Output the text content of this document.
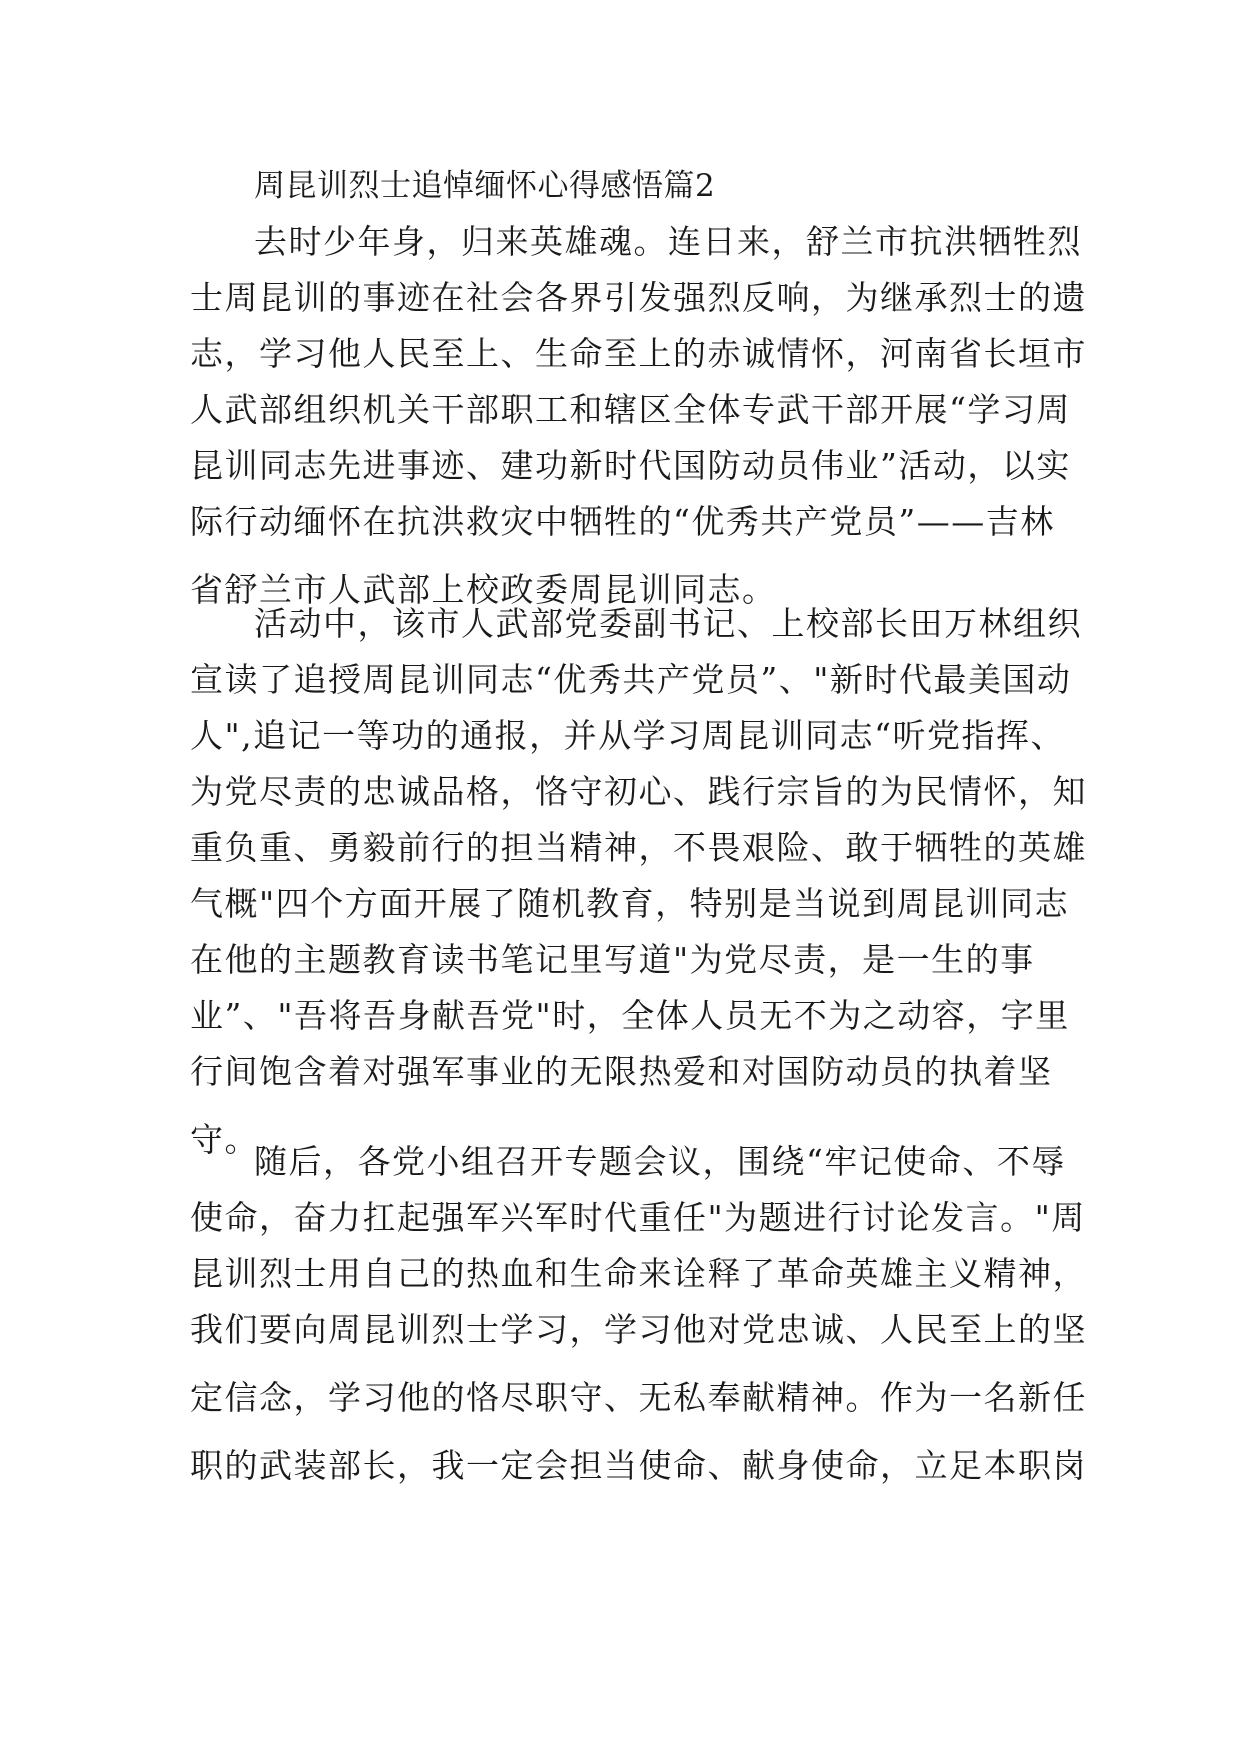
周昆训烈士追悼缅怀心得感悟篇2

去时少年身，归来英雄魂。连日来，舒兰市抗洪牺牲烈
士周昆训的事迹在社会各界引发强烈反响，为继承烈士的遗
志，学习他人民至上、生命至上的赤诚情怀，河南省长垣市
人武部组织机关干部职工和辖区全体专武干部开展“学习周
昆训同志先进事迹、建功新时代国防动员伟业”活动，以实
际行动缅怀在抗洪救灾中牺牲的“优秀共产党员”——吉林
省舒兰市人武部上校政委周昆训同志。

活动中，该市人武部党委副书记、上校部长田万林组织
宣读了追授周昆训同志“优秀共产党员”、"新时代最美国动
人",追记一等功的通报，并从学习周昆训同志“听党指挥、
为党尽责的忠诚品格，恪守初心、践行宗旨的为民情怀，知
重负重、勇毅前行的担当精神，不畏艰险、敢于牺牲的英雄
气概"四个方面开展了随机教育，特别是当说到周昆训同志
在他的主题教育读书笔记里写道"为党尽责，是一生的事
业”、"吾将吾身献吾党"时，全体人员无不为之动容，字里
行间饱含着对强军事业的无限热爱和对国防动员的执着坚
守。

随后，各党小组召开专题会议，围绕“牢记使命、不辱
使命，奋力扛起强军兴军时代重任"为题进行讨论发言。"周
昆训烈士用自己的热血和生命来诠释了革命英雄主义精神，
我们要向周昆训烈士学习，学习他对党忠诚、人民至上的坚
定信念，学习他的恪尽职守、无私奉献精神。作为一名新任
职的武装部长，我一定会担当使命、献身使命，立足本职岗
